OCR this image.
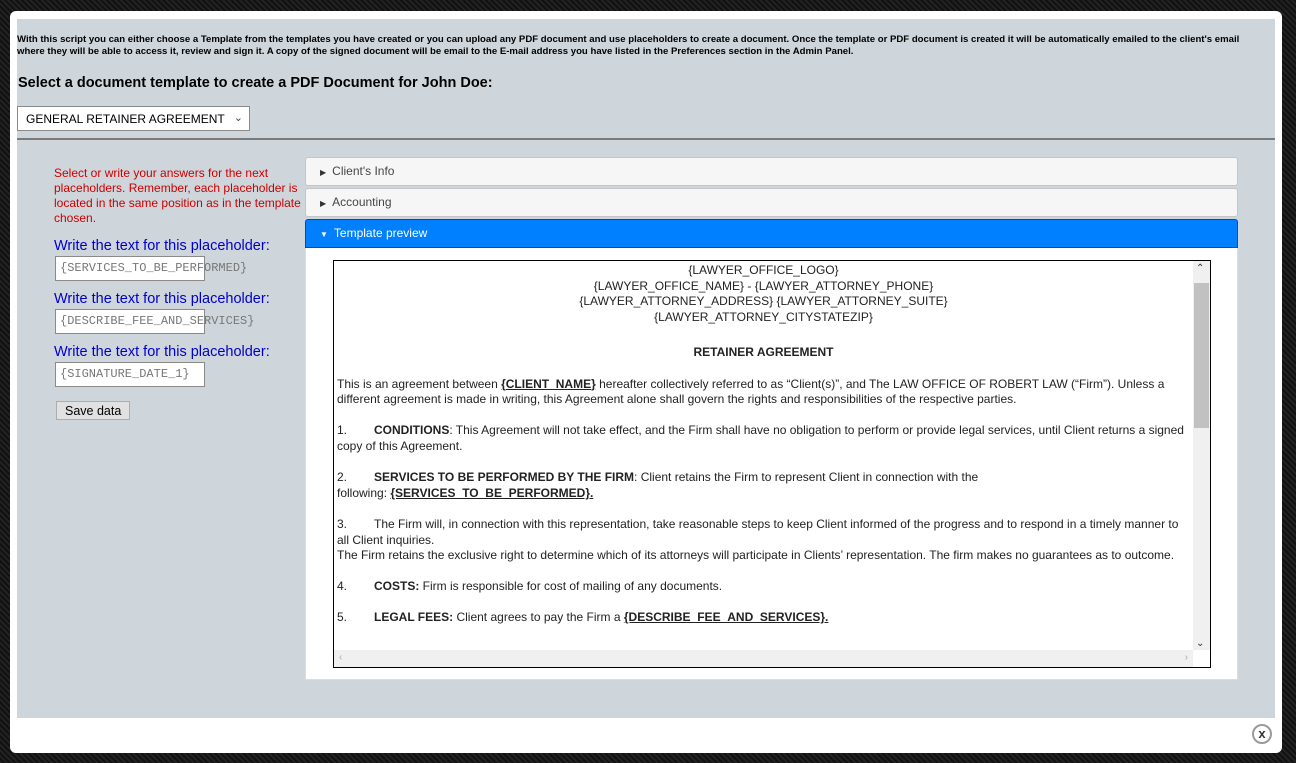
With this script you can either choose a Template from the templates you have created or you can upload any PDF document and use placeholders to create a document. Once the template or PDF document is created it will be automatically emailed to the client's email where they will be able to access it, review and sign it. A copy of the signed document will be email to the E-mail address you have listed in the Preferences section in the Admin Panel.
Select a document template to create a PDF Document for John Doe:
GENERAL RETAINER AGREEMENT ⌄

Select or write your answers for the next placeholders. Remember, each placeholder is located in the same position as in the template chosen.

Write the text for this placeholder:
{SERVICES_TO_BE_PERFORMED}
Write the text for this placeholder:
{DESCRIBE_FEE_AND_SERVICES}
Write the text for this placeholder:
{SIGNATURE_DATE_1}
Save data
▶ Client's Info
▶ Accounting
▼ Template preview
{LAWYER_OFFICE_LOGO}
{LAWYER_OFFICE_NAME} - {LAWYER_ATTORNEY_PHONE}
{LAWYER_ATTORNEY_ADDRESS} {LAWYER_ATTORNEY_SUITE}
{LAWYER_ATTORNEY_CITYSTATEZIP}
RETAINER AGREEMENT

This is an agreement between {CLIENT_NAME} hereafter collectively referred to as “Client(s)”, and The LAW OFFICE OF ROBERT LAW (“Firm”). Unless a different agreement is made in writing, this Agreement alone shall govern the rights and responsibilities of the respective parties.

1. CONDITIONS: This Agreement will not take effect, and the Firm shall have no obligation to perform or provide legal services, until Client returns a signed copy of this Agreement.

2. SERVICES TO BE PERFORMED BY THE FIRM: Client retains the Firm to represent Client in connection with the
following: {SERVICES_TO_BE_PERFORMED}.

3. The Firm will, in connection with this representation, take reasonable steps to keep Client informed of the progress and to respond in a timely manner to all Client inquiries.
The Firm retains the exclusive right to determine which of its attorneys will participate in Clients’ representation. The firm makes no guarantees as to outcome.

4. COSTS: Firm is responsible for cost of mailing of any documents.

5. LEGAL FEES: Client agrees to pay the Firm a {DESCRIBE_FEE_AND_SERVICES}.

⌃
⌄
‹	›
x
